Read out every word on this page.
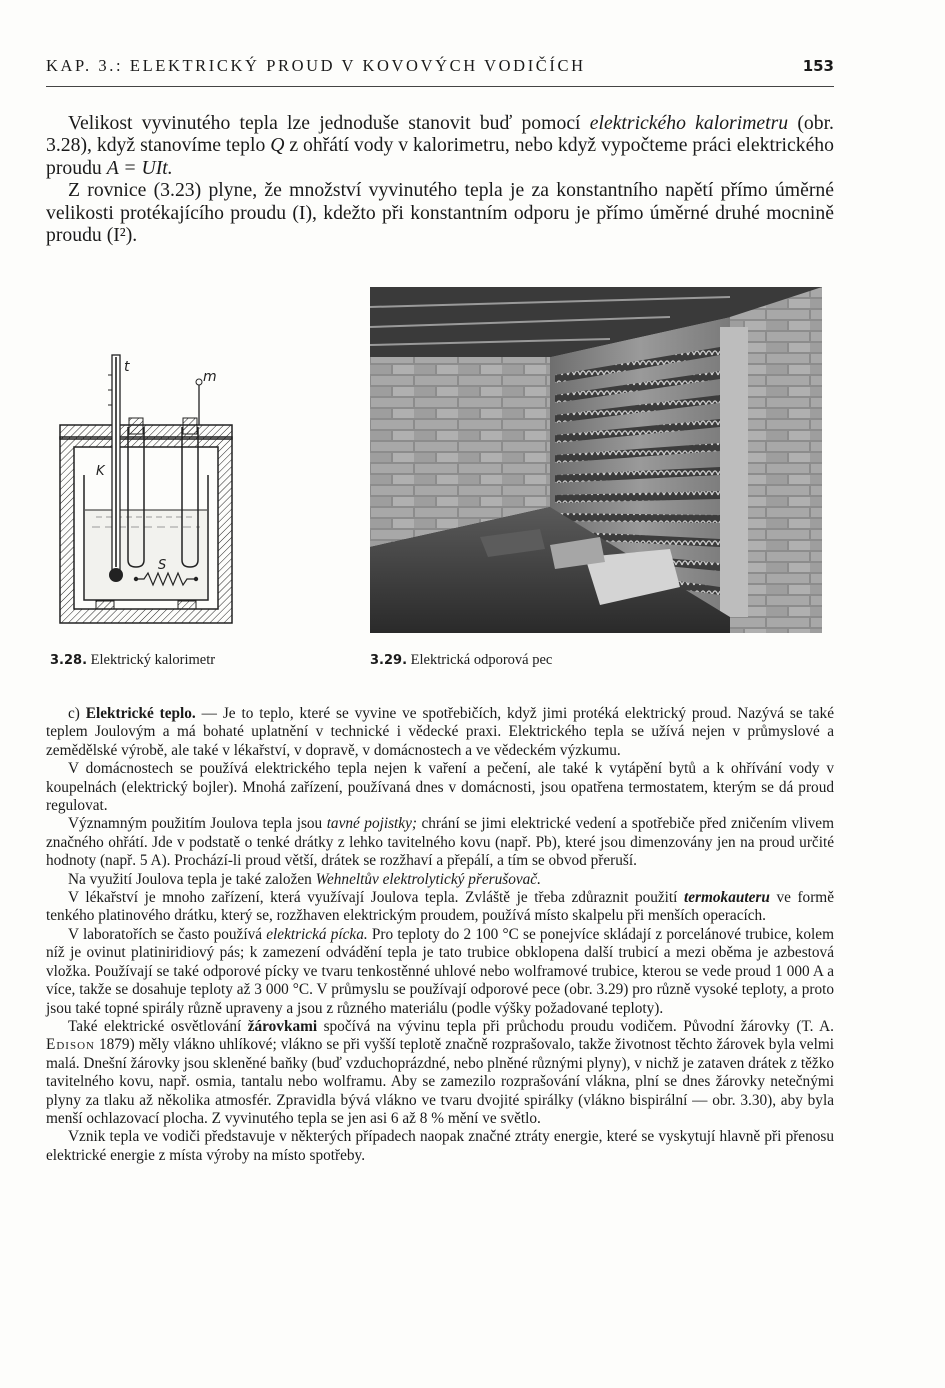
KAP. 3.: ELEKTRICKÝ PROUD V KOVOVÝCH VODIČÍCH	153

Velikost vyvinutého tepla lze jednoduše stanovit buď pomocí elektrického kalorimetru (obr. 3.28), když stanovíme teplo Q z ohřátí vody v kalorimetru, nebo když vypočteme práci elektrického proudu A = UIt.

Z rovnice (3.23) plyne, že množství vyvinutého tepla je za konstantního napětí přímo úměrné velikosti protékajícího proudu (I), kdežto při konstantním odporu je přímo úměrné druhé mocnině proudu (I²).

t
m
K
S
3.28. Elektrický kalorimetr	3.29. Elektrická odporová pec

c) Elektrické teplo. — Je to teplo, které se vyvine ve spotřebičích, když jimi protéká elektrický proud. Nazývá se také teplem Joulovým a má bohaté uplatnění v technické i vědecké praxi. Elektrického tepla se užívá nejen v průmyslové a zemědělské výrobě, ale také v lékařství, v dopravě, v domácnostech a ve vědeckém výzkumu.

V domácnostech se používá elektrického tepla nejen k vaření a pečení, ale také k vytápění bytů a k ohřívání vody v koupelnách (elektrický bojler). Mnohá zařízení, používaná dnes v domácnosti, jsou opatřena termostatem, kterým se dá proud regulovat.

Významným použitím Joulova tepla jsou tavné pojistky; chrání se jimi elektrické vedení a spotřebiče před zničením vlivem značného ohřátí. Jde v podstatě o tenké drátky z lehko tavitelného kovu (např. Pb), které jsou dimenzovány jen na proud určité hodnoty (např. 5 A). Prochází-li proud větší, drátek se rozžhaví a přepálí, a tím se obvod přeruší.

Na využití Joulova tepla je také založen Wehneltův elektrolytický přerušovač.

V lékařství je mnoho zařízení, která využívají Joulova tepla. Zvláště je třeba zdůraznit použití termokauteru ve formě tenkého platinového drátku, který se, rozžhaven elektrickým proudem, používá místo skalpelu při menších operacích.

V laboratořích se často používá elektrická pícka. Pro teploty do 2 100 °C se ponejvíce skládají z porcelánové trubice, kolem níž je ovinut platiniridiový pás; k zamezení odvádění tepla je tato trubice obklopena další trubicí a mezi oběma je azbestová vložka. Používají se také odporové pícky ve tvaru tenkostěnné uhlové nebo wolframové trubice, kterou se vede proud 1 000 A a více, takže se dosahuje teploty až 3 000 °C. V průmyslu se používají odporové pece (obr. 3.29) pro různě vysoké teploty, a proto jsou také topné spirály různě upraveny a jsou z různého materiálu (podle výšky požadované teploty).

Také elektrické osvětlování žárovkami spočívá na vývinu tepla při průchodu proudu vodičem. Původní žárovky (T. A. Edison 1879) měly vlákno uhlíkové; vlákno se při vyšší teplotě značně rozprašovalo, takže životnost těchto žárovek byla velmi malá. Dnešní žárovky jsou skleněné baňky (buď vzduchoprázdné, nebo plněné různými plyny), v nichž je zataven drátek z těžko tavitelného kovu, např. osmia, tantalu nebo wolframu. Aby se zamezilo rozprašování vlákna, plní se dnes žárovky netečnými plyny za tlaku až několika atmosfér. Zpravidla bývá vlákno ve tvaru dvojité spirálky (vlákno bispirální — obr. 3.30), aby byla menší ochlazovací plocha. Z vyvinutého tepla se jen asi 6 až 8 % mění ve světlo.

Vznik tepla ve vodiči představuje v některých případech naopak značné ztráty energie, které se vyskytují hlavně při přenosu elektrické energie z místa výroby na místo spotřeby.
